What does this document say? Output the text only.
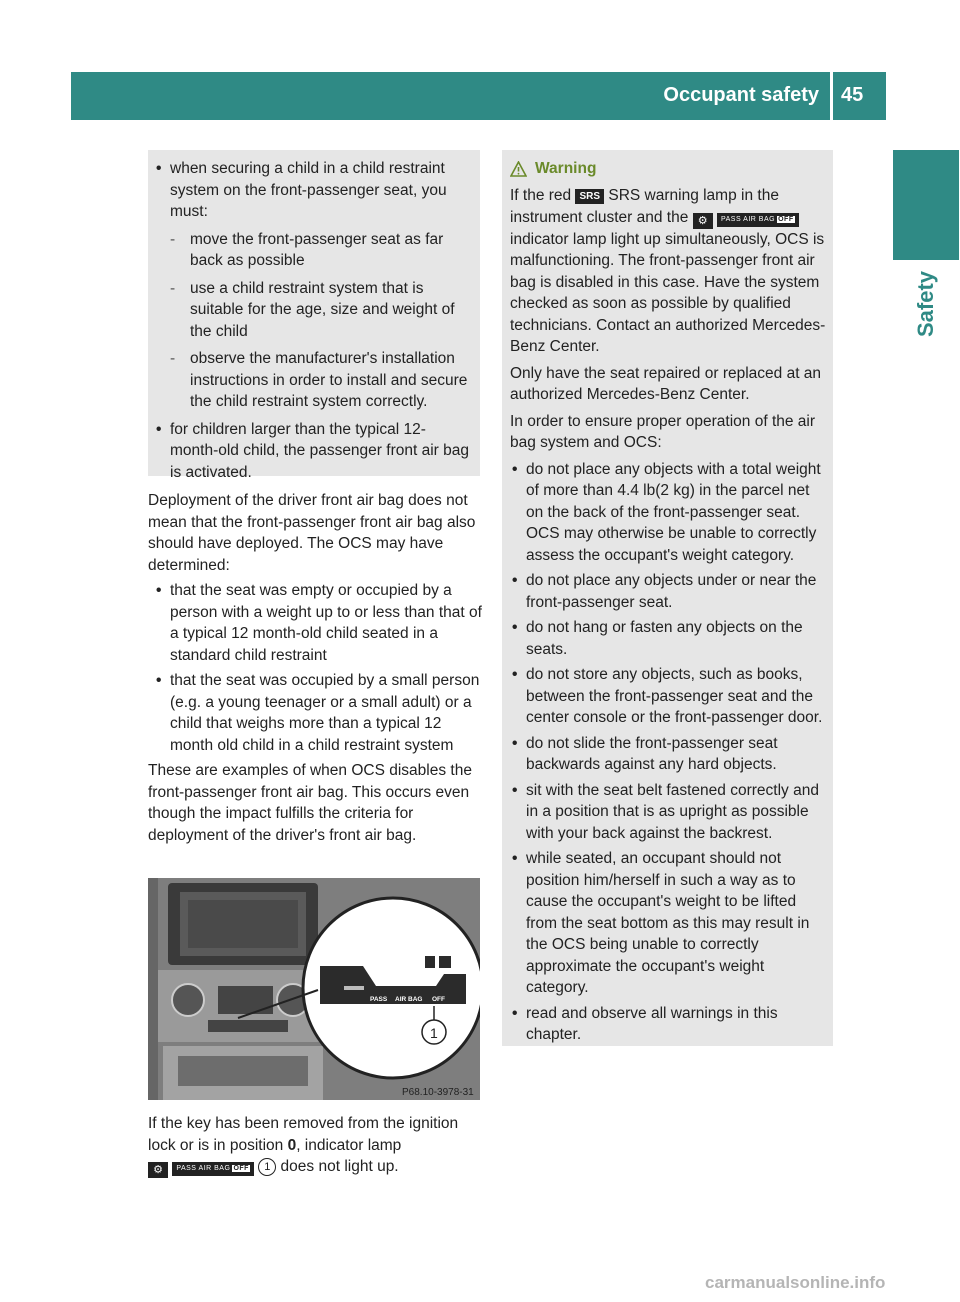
Occupant safety 45
Safety
• when securing a child in a child restraint system on the front-passenger seat, you must:
- move the front-passenger seat as far back as possible
- use a child restraint system that is suitable for the age, size and weight of the child
- observe the manufacturer's installation instructions in order to install and secure the child restraint system correctly.
• for children larger than the typical 12-month-old child, the passenger front air bag is activated.

Deployment of the driver front air bag does not mean that the front-passenger front air bag also should have deployed. The OCS may have determined:

• that the seat was empty or occupied by a person with a weight up to or less than that of a typical 12 month-old child seated in a standard child restraint
• that the seat was occupied by a small person (e.g. a young teenager or a small adult) or a child that weighs more than a typical 12 month old child in a child restraint system

These are examples of when OCS disables the front-passenger front air bag. This occurs even though the impact fulfills the criteria for deployment of the driver's front air bag.

PASS AIR BAG OFF
1
P68.10-3978-31
If the key has been removed from the ignition lock or is in position 0, indicator lamp
⚙ PASS AIR BAG OFF 1 does not light up.
Warning

If the red SRS SRS warning lamp in the instrument cluster and the ⚙ PASS AIR BAG OFF indicator lamp light up simultaneously, OCS is malfunctioning. The front-passenger front air bag is disabled in this case. Have the system checked as soon as possible by qualified technicians. Contact an authorized Mercedes-Benz Center.

Only have the seat repaired or replaced at an authorized Mercedes-Benz Center.

In order to ensure proper operation of the air bag system and OCS:

• do not place any objects with a total weight of more than 4.4 lb(2 kg) in the parcel net on the back of the front-passenger seat. OCS may otherwise be unable to correctly assess the occupant's weight category.
• do not place any objects under or near the front-passenger seat.
• do not hang or fasten any objects on the seats.
• do not store any objects, such as books, between the front-passenger seat and the center console or the front-passenger door.
• do not slide the front-passenger seat backwards against any hard objects.
• sit with the seat belt fastened correctly and in a position that is as upright as possible with your back against the backrest.
• while seated, an occupant should not position him/herself in such a way as to cause the occupant's weight to be lifted from the seat bottom as this may result in the OCS being unable to correctly approximate the occupant's weight category.
• read and observe all warnings in this chapter.
carmanualsonline.info
